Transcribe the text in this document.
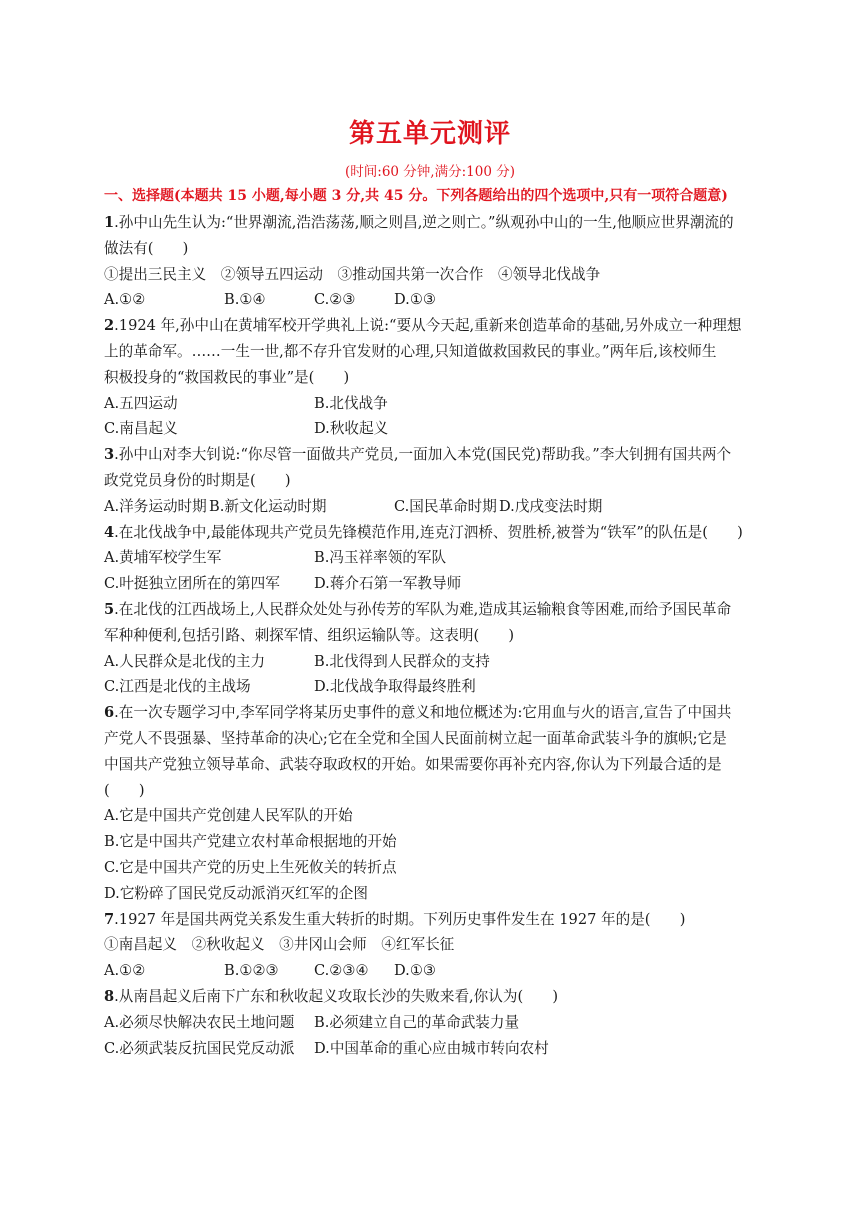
第五单元测评
(时间:60 分钟,满分:100 分)
一、选择题(本题共 15 小题,每小题 3 分,共 45 分。下列各题给出的四个选项中,只有一项符合题意)
1.孙中山先生认为:“世界潮流,浩浩荡荡,顺之则昌,逆之则亡。”纵观孙中山的一生,他顺应世界潮流的
做法有(　　)
①提出三民主义　②领导五四运动　③推动国共第一次合作　④领导北伐战争
A.①②	B.①④	C.②③	D.①③
2.1924 年,孙中山在黄埔军校开学典礼上说:“要从今天起,重新来创造革命的基础,另外成立一种理想
上的革命军。……一生一世,都不存升官发财的心理,只知道做救国救民的事业。”两年后,该校师生
积极投身的“救国救民的事业”是(　　)
A.五四运动	B.北伐战争
C.南昌起义	D.秋收起义
3.孙中山对李大钊说:“你尽管一面做共产党员,一面加入本党(国民党)帮助我。”李大钊拥有国共两个
政党党员身份的时期是(　　)
A.洋务运动时期 B.新文化运动时期	C.国民革命时期 D.戊戌变法时期
4.在北伐战争中,最能体现共产党员先锋模范作用,连克汀泗桥、贺胜桥,被誉为“铁军”的队伍是(　　)
A.黄埔军校学生军	B.冯玉祥率领的军队
C.叶挺独立团所在的第四军 D.蒋介石第一军教导师
5.在北伐的江西战场上,人民群众处处与孙传芳的军队为难,造成其运输粮食等困难,而给予国民革命
军种种便利,包括引路、刺探军情、组织运输队等。这表明(　　)
A.人民群众是北伐的主力	B.北伐得到人民群众的支持
C.江西是北伐的主战场	D.北伐战争取得最终胜利
6.在一次专题学习中,李军同学将某历史事件的意义和地位概述为:它用血与火的语言,宣告了中国共
产党人不畏强暴、坚持革命的决心;它在全党和全国人民面前树立起一面革命武装斗争的旗帜;它是
中国共产党独立领导革命、武装夺取政权的开始。如果需要你再补充内容,你认为下列最合适的是
(　　)
A.它是中国共产党创建人民军队的开始
B.它是中国共产党建立农村革命根据地的开始
C.它是中国共产党的历史上生死攸关的转折点
D.它粉碎了国民党反动派消灭红军的企图
7.1927 年是国共两党关系发生重大转折的时期。下列历史事件发生在 1927 年的是(　　)
①南昌起义　②秋收起义　③井冈山会师　④红军长征
A.①②	B.①②③ C.②③④ D.①③
8.从南昌起义后南下广东和秋收起义攻取长沙的失败来看,你认为(　　)
A.必须尽快解决农民土地问题 B.必须建立自己的革命武装力量
C.必须武装反抗国民党反动派 D.中国革命的重心应由城市转向农村
